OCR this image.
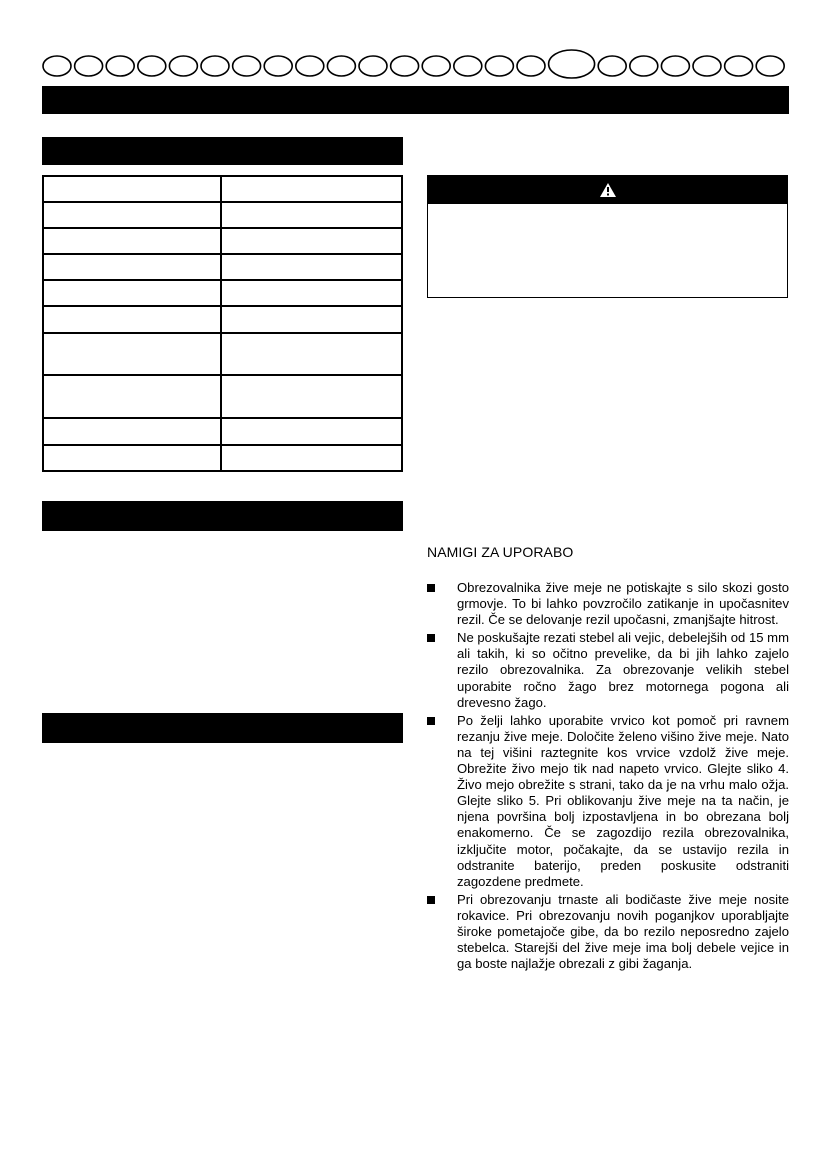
NAMIGI ZA UPORABO
Obrezovalnika žive meje ne potiskajte s silo skozi gosto grmovje. To bi lahko povzročilo zatikanje in upočasnitev rezil. Če se delovanje rezil upočasni, zmanjšajte hitrost.
Ne poskušajte rezati stebel ali vejic, debelejših od 15 mm ali takih, ki so očitno prevelike, da bi jih lahko zajelo rezilo obrezovalnika. Za obrezovanje velikih stebel uporabite ročno žago brez motornega pogona ali drevesno žago.
Po želji lahko uporabite vrvico kot pomoč pri ravnem rezanju žive meje. Določite želeno višino žive meje. Nato na tej višini raztegnite kos vrvice vzdolž žive meje. Obrežite živo mejo tik nad napeto vrvico. Glejte sliko 4. Živo mejo obrežite s strani, tako da je na vrhu malo ožja. Glejte sliko 5. Pri oblikovanju žive meje na ta način, je njena površina bolj izpostavljena in bo obrezana bolj enakomerno. Če se zagozdijo rezila obrezovalnika, izključite motor, počakajte, da se ustavijo rezila in odstranite baterijo, preden poskusite odstraniti zagozdene predmete.
Pri obrezovanju trnaste ali bodičaste žive meje nosite rokavice. Pri obrezovanju novih poganjkov uporabljajte široke pometajoče gibe, da bo rezilo neposredno zajelo stebelca. Starejši del žive meje ima bolj debele vejice in ga boste najlažje obrezali z gibi žaganja.
